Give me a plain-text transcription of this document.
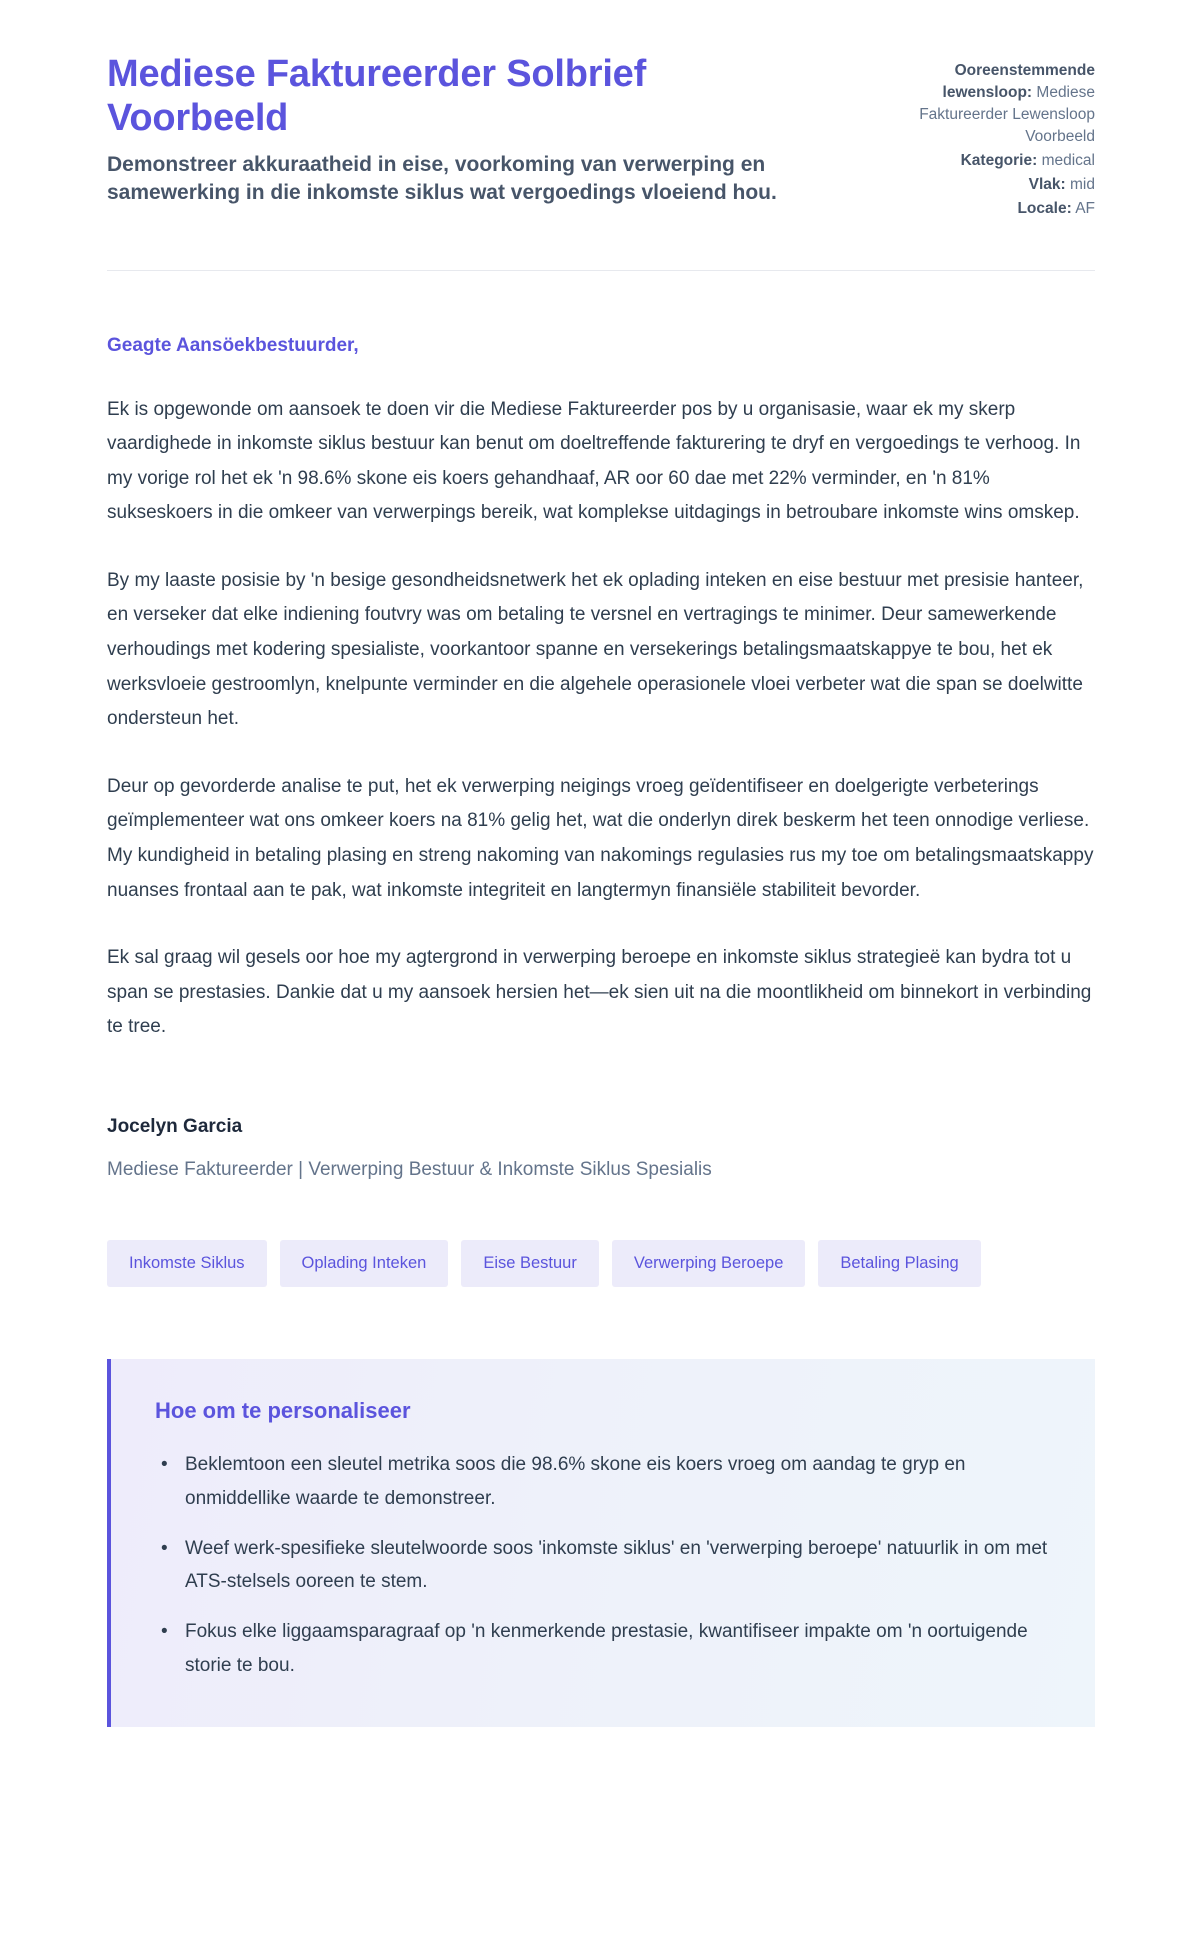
Mediese Faktureerder Solbrief Voorbeeld

Demonstreer akkuraatheid in eise, voorkoming van verwerping en samewerking in die inkomste siklus wat vergoedings vloeiend hou.

Ooreenstemmende lewensloop: Mediese Faktureerder Lewensloop Voorbeeld

Kategorie: medical

Vlak: mid

Locale: AF

Geagte Aansöekbestuurder,

Ek is opgewonde om aansoek te doen vir die Mediese Faktureerder pos by u organisasie, waar ek my skerp vaardighede in inkomste siklus bestuur kan benut om doeltreffende fakturering te dryf en vergoedings te verhoog. In my vorige rol het ek 'n 98.6% skone eis koers gehandhaaf, AR oor 60 dae met 22% verminder, en 'n 81% sukseskoers in die omkeer van verwerpings bereik, wat komplekse uitdagings in betroubare inkomste wins omskep.

By my laaste posisie by 'n besige gesondheidsnetwerk het ek oplading inteken en eise bestuur met presisie hanteer, en verseker dat elke indiening foutvry was om betaling te versnel en vertragings te minimer. Deur samewerkende verhoudings met kodering spesialiste, voorkantoor spanne en versekerings betalingsmaatskappye te bou, het ek werksvloeie gestroomlyn, knelpunte verminder en die algehele operasionele vloei verbeter wat die span se doelwitte ondersteun het.

Deur op gevorderde analise te put, het ek verwerping neigings vroeg geïdentifiseer en doelgerigte verbeterings geïmplementeer wat ons omkeer koers na 81% gelig het, wat die onderlyn direk beskerm het teen onnodige verliese. My kundigheid in betaling plasing en streng nakoming van nakomings regulasies rus my toe om betalingsmaatskappy nuanses frontaal aan te pak, wat inkomste integriteit en langtermyn finansiële stabiliteit bevorder.

Ek sal graag wil gesels oor hoe my agtergrond in verwerping beroepe en inkomste siklus strategieë kan bydra tot u span se prestasies. Dankie dat u my aansoek hersien het—ek sien uit na die moontlikheid om binnekort in verbinding te tree.

Jocelyn Garcia

Mediese Faktureerder | Verwerping Bestuur & Inkomste Siklus Spesialis

Inkomste Siklus	Oplading Inteken	Eise Bestuur	Verwerping Beroepe	Betaling Plasing
Hoe om te personaliseer
• Beklemtoon een sleutel metrika soos die 98.6% skone eis koers vroeg om aandag te gryp en onmiddellike waarde te demonstreer.
• Weef werk-spesifieke sleutelwoorde soos 'inkomste siklus' en 'verwerping beroepe' natuurlik in om met ATS-stelsels ooreen te stem.
• Fokus elke liggaamsparagraaf op 'n kenmerkende prestasie, kwantifiseer impakte om 'n oortuigende storie te bou.
